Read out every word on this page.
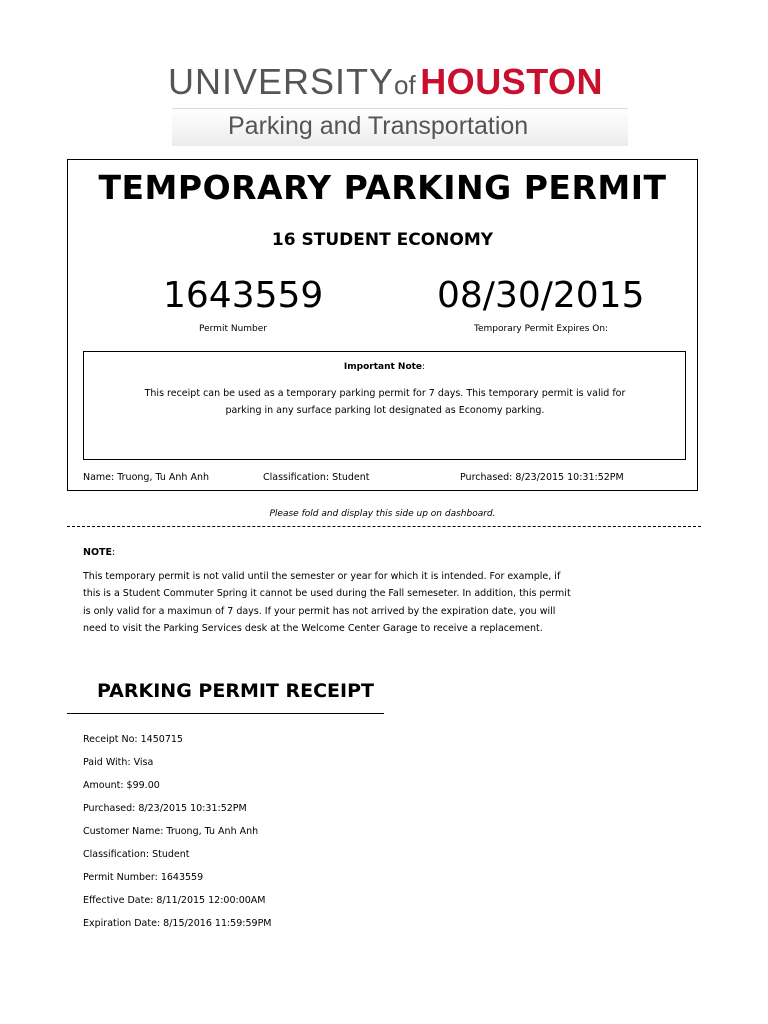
UNIVERSITYof HOUSTON
Parking and Transportation
TEMPORARY PARKING PERMIT
16 STUDENT ECONOMY
1643559	08/30/2015
Permit Number	Temporary Permit Expires On:
Important Note:
This receipt can be used as a temporary parking permit for 7 days. This temporary permit is valid for parking in any surface parking lot designated as Economy parking.
Name: Truong, Tu Anh Anh	Classification: Student	Purchased: 8/23/2015 10:31:52PM
Please fold and display this side up on dashboard.
NOTE:
This temporary permit is not valid until the semester or year for which it is intended. For example, if this is a Student Commuter Spring it cannot be used during the Fall semeseter. In addition, this permit is only valid for a maximun of 7 days. If your permit has not arrived by the expiration date, you will need to visit the Parking Services desk at the Welcome Center Garage to receive a replacement.
PARKING PERMIT RECEIPT
Receipt No: 1450715
Paid With: Visa
Amount: $99.00
Purchased: 8/23/2015 10:31:52PM
Customer Name: Truong, Tu Anh Anh
Classification: Student
Permit Number: 1643559
Effective Date: 8/11/2015 12:00:00AM
Expiration Date: 8/15/2016 11:59:59PM
